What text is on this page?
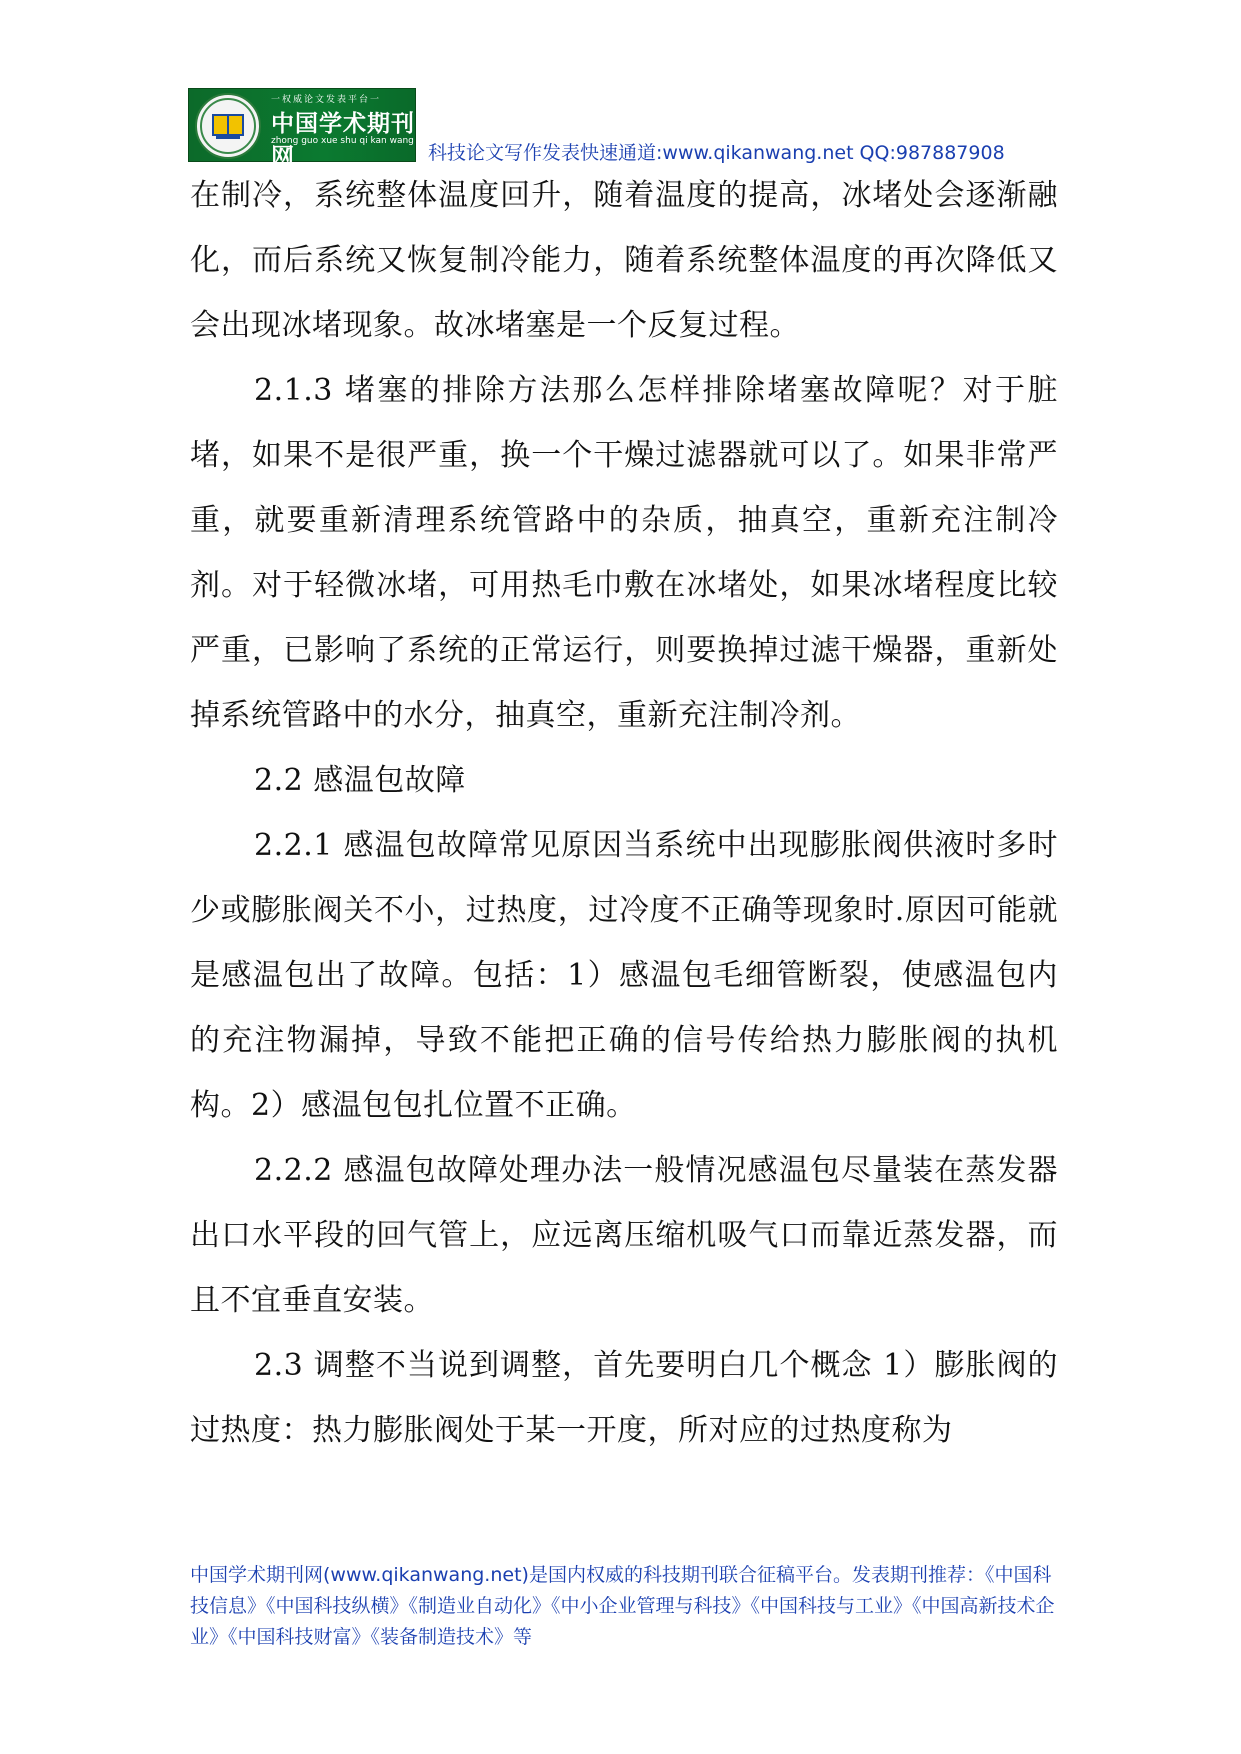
一权威论文发表平台一
中国学术期刊网
zhong guo xue shu qi kan wang
科技论文写作发表快速通道:www.qikanwang.net QQ:987887908

在制冷，系统整体温度回升，随着温度的提高，冰堵处会逐渐融化，而后系统又恢复制冷能力，随着系统整体温度的再次降低又会出现冰堵现象。故冰堵塞是一个反复过程。

2.1.3 堵塞的排除方法那么怎样排除堵塞故障呢？对于脏堵，如果不是很严重，换一个干燥过滤器就可以了。如果非常严重，就要重新清理系统管路中的杂质，抽真空，重新充注制冷剂。对于轻微冰堵，可用热毛巾敷在冰堵处，如果冰堵程度比较严重，已影响了系统的正常运行，则要换掉过滤干燥器，重新处掉系统管路中的水分，抽真空，重新充注制冷剂。

2.2 感温包故障

2.2.1 感温包故障常见原因当系统中出现膨胀阀供液时多时少或膨胀阀关不小，过热度，过冷度不正确等现象时.原因可能就是感温包出了故障。包括：1）感温包毛细管断裂，使感温包内的充注物漏掉，导致不能把正确的信号传给热力膨胀阀的执机构。2）感温包包扎位置不正确。

2.2.2 感温包故障处理办法一般情况感温包尽量装在蒸发器出口水平段的回气管上，应远离压缩机吸气口而靠近蒸发器，而且不宜垂直安装。

2.3 调整不当说到调整，首先要明白几个概念 1）膨胀阀的过热度：热力膨胀阀处于某一开度，所对应的过热度称为

中国学术期刊网(www.qikanwang.net)是国内权威的科技期刊联合征稿平台。发表期刊推荐：《中国科技信息》《中国科技纵横》《制造业自动化》《中小企业管理与科技》《中国科技与工业》《中国高新技术企业》《中国科技财富》《装备制造技术》等
